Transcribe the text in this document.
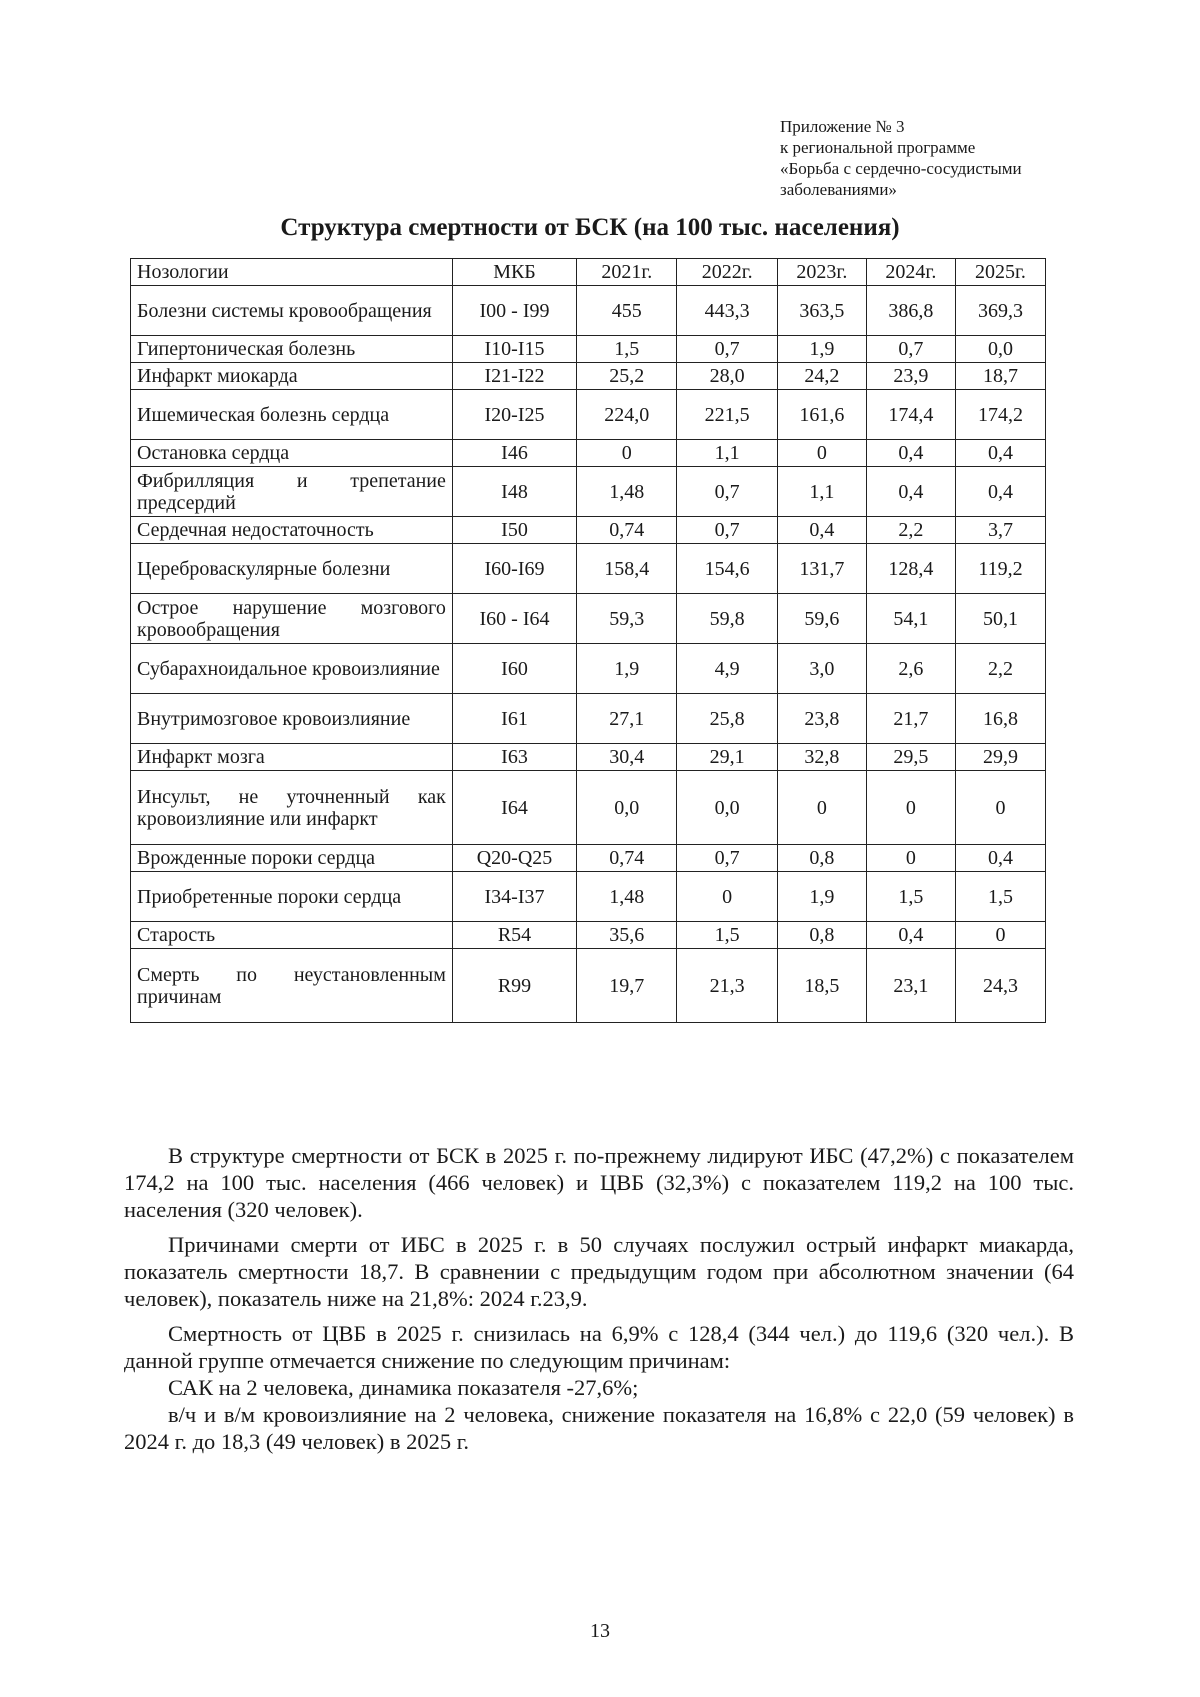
Приложение № 3
к региональной программе
«Борьба с сердечно-сосудистыми
заболеваниями»
Структура смертности от БСК (на 100 тыс. населения)
Нозологии	МКБ	2021г.	2022г.	2023г.	2024г.	2025г.
Болезни системы кровообращения	I00 - I99	455	443,3	363,5	386,8	369,3
Гипертоническая болезнь	I10-I15	1,5	0,7	1,9	0,7	0,0
Инфаркт миокарда	I21-I22	25,2	28,0	24,2	23,9	18,7
Ишемическая болезнь сердца	I20-I25	224,0	221,5	161,6	174,4	174,2
Остановка сердца	I46	0	1,1	0	0,4	0,4
Фибрилляция и трепетание предсердий	I48	1,48	0,7	1,1	0,4	0,4
Сердечная недостаточность	I50	0,74	0,7	0,4	2,2	3,7
Цереброваскулярные болезни	I60-I69	158,4	154,6	131,7	128,4	119,2
Острое нарушение мозгового кровообращения	I60 - I64	59,3	59,8	59,6	54,1	50,1
Субарахноидальное кровоизлияние	I60	1,9	4,9	3,0	2,6	2,2
Внутримозговое кровоизлияние	I61	27,1	25,8	23,8	21,7	16,8
Инфаркт мозга	I63	30,4	29,1	32,8	29,5	29,9
Инсульт, не уточненный как кровоизлияние или инфаркт	I64	0,0	0,0	0	0	0
Врожденные пороки сердца	Q20-Q25	0,74	0,7	0,8	0	0,4
Приобретенные пороки сердца	I34-I37	1,48	0	1,9	1,5	1,5
Старость	R54	35,6	1,5	0,8	0,4	0
Смерть по неустановленным причинам	R99	19,7	21,3	18,5	23,1	24,3

В структуре смертности от БСК в 2025 г. по-прежнему лидируют ИБС (47,2%) с показателем 174,2 на 100 тыс. населения (466 человек) и ЦВБ (32,3%) с показателем 119,2 на 100 тыс. населения (320 человек).

Причинами смерти от ИБС в 2025 г. в 50 случаях послужил острый инфаркт миакарда, показатель смертности 18,7. В сравнении с предыдущим годом при абсолютном значении (64 человек), показатель ниже на 21,8%: 2024 г.23,9.

Смертность от ЦВБ в 2025 г. снизилась на 6,9% с 128,4 (344 чел.) до 119,6 (320 чел.). В данной группе отмечается снижение по следующим причинам:

САК на 2 человека, динамика показателя -27,6%;

в/ч и в/м кровоизлияние на 2 человека, снижение показателя на 16,8% с 22,0 (59 человек) в 2024 г. до 18,3 (49 человек) в 2025 г.

13
